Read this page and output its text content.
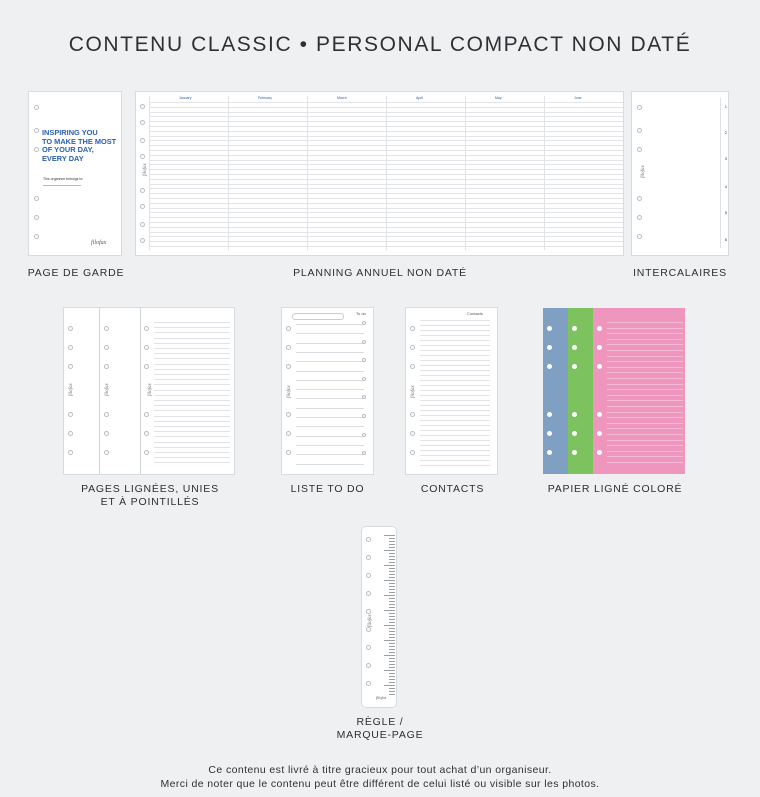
CONTENU CLASSIC • PERSONAL COMPACT NON DATÉ
INSPIRING YOU
TO MAKE THE MOST
OF YOUR DAY,
EVERY DAY
This organiser belongs to:
filofax
PAGE DE GARDE
January	February	March	April	May	June
filofax
PLANNING ANNUEL NON DATÉ
1
2
3
4
5
6
filofax
INTERCALAIRES
filofax	filofax	filofax
PAGES LIGNÉES, UNIES
ET À POINTILLÉS
To do
filofax
LISTE TO DO
Contacts
filofax
CONTACTS	PAPIER LIGNÉ COLORÉ
filofax
filofax
RÈGLE /
MARQUE-PAGE
Ce contenu est livré à titre gracieux pour tout achat d’un organiseur.
Merci de noter que le contenu peut être différent de celui listé ou visible sur les photos.
